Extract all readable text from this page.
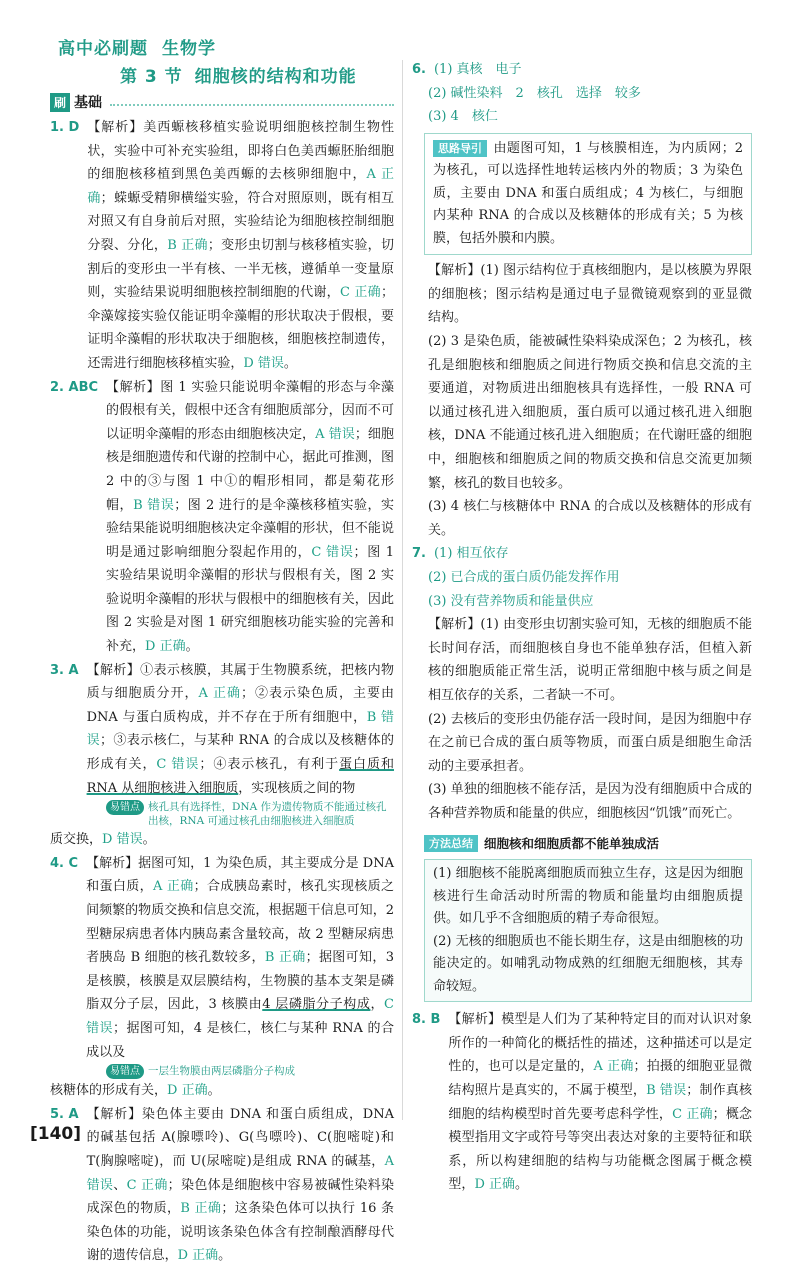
高中必刷题 生物学
第 3 节 细胞核的结构和功能
刷 基础
1. D 【解析】美西螈核移植实验说明细胞核控制生物性状，实验中可补充实验组，即将白色美西螈胚胎细胞的细胞核移植到黑色美西螈的去核卵细胞中，A 正确；蝾螈受精卵横缢实验，符合对照原则，既有相互对照又有自身前后对照，实验结论为细胞核控制细胞分裂、分化，B 正确；变形虫切割与核移植实验，切割后的变形虫一半有核、一半无核，遵循单一变量原则，实验结果说明细胞核控制细胞的代谢，C 正确；伞藻嫁接实验仅能证明伞藻帽的形状取决于假根，要证明伞藻帽的形状取决于细胞核，细胞核控制遗传，还需进行细胞核移植实验，D 错误。
2. ABC 【解析】图 1 实验只能说明伞藻帽的形态与伞藻的假根有关，假根中还含有细胞质部分，因而不可以证明伞藻帽的形态由细胞核决定，A 错误；细胞核是细胞遗传和代谢的控制中心，据此可推测，图 2 中的③与图 1 中①的帽形相同，都是菊花形帽，B 错误；图 2 进行的是伞藻核移植实验，实验结果能说明细胞核决定伞藻帽的形状，但不能说明是通过影响细胞分裂起作用的，C 错误；图 1 实验结果说明伞藻帽的形状与假根有关，图 2 实验说明伞藻帽的形状与假根中的细胞核有关，因此图 2 实验是对图 1 研究细胞核功能实验的完善和补充，D 正确。
3. A 【解析】①表示核膜，其属于生物膜系统，把核内物质与细胞质分开，A 正确；②表示染色质，主要由 DNA 与蛋白质构成，并不存在于所有细胞中，B 错误；③表示核仁，与某种 RNA 的合成以及核糖体的形成有关，C 错误；④表示核孔，有利于蛋白质和 RNA 从细胞核进入细胞质，实现核质之间的物
易错点 核孔具有选择性，DNA 作为遗传物质不能通过核孔出核，RNA 可通过核孔由细胞核进入细胞质
质交换，D 错误。
4. C 【解析】据图可知，1 为染色质，其主要成分是 DNA 和蛋白质，A 正确；合成胰岛素时，核孔实现核质之间频繁的物质交换和信息交流，根据题干信息可知，2 型糖尿病患者体内胰岛素含量较高，故 2 型糖尿病患者胰岛 B 细胞的核孔数较多，B 正确；据图可知，3 是核膜，核膜是双层膜结构，生物膜的基本支架是磷脂双分子层，因此，3 核膜由4 层磷脂分子构成，C 错误；据图可知，4 是核仁，核仁与某种 RNA 的合成以及
易错点 一层生物膜由两层磷脂分子构成
核糖体的形成有关，D 正确。
5. A 【解析】染色体主要由 DNA 和蛋白质组成，DNA 的碱基包括 A(腺嘌呤)、G(鸟嘌呤)、C(胞嘧啶)和 T(胸腺嘧啶)，而 U(尿嘧啶)是组成 RNA 的碱基，A 错误、C 正确；染色体是细胞核中容易被碱性染料染成深色的物质，B 正确；这条染色体可以执行 16 条染色体的功能，说明该条染色体含有控制酿酒酵母代谢的遗传信息，D 正确。
6. (1) 真核　电子
(2) 碱性染料　2　核孔　选择　较多
(3) 4　核仁
思路导引 由题图可知，1 与核膜相连，为内质网；2 为核孔，可以选择性地转运核内外的物质；3 为染色质，主要由 DNA 和蛋白质组成；4 为核仁，与细胞内某种 RNA 的合成以及核糖体的形成有关；5 为核膜，包括外膜和内膜。
【解析】(1) 图示结构位于真核细胞内，是以核膜为界限的细胞核；图示结构是通过电子显微镜观察到的亚显微结构。
(2) 3 是染色质，能被碱性染料染成深色；2 为核孔，核孔是细胞核和细胞质之间进行物质交换和信息交流的主要通道，对物质进出细胞核具有选择性，一般 RNA 可以通过核孔进入细胞质，蛋白质可以通过核孔进入细胞核，DNA 不能通过核孔进入细胞质；在代谢旺盛的细胞中，细胞核和细胞质之间的物质交换和信息交流更加频繁，核孔的数目也较多。
(3) 4 核仁与核糖体中 RNA 的合成以及核糖体的形成有关。
7. (1) 相互依存
(2) 已合成的蛋白质仍能发挥作用
(3) 没有营养物质和能量供应
【解析】(1) 由变形虫切割实验可知，无核的细胞质不能长时间存活，而细胞核自身也不能单独存活，但植入新核的细胞质能正常生活，说明正常细胞中核与质之间是相互依存的关系，二者缺一不可。
(2) 去核后的变形虫仍能存活一段时间，是因为细胞中存在之前已合成的蛋白质等物质，而蛋白质是细胞生命活动的主要承担者。
(3) 单独的细胞核不能存活，是因为没有细胞质中合成的各种营养物质和能量的供应，细胞核因“饥饿”而死亡。
方法总结 细胞核和细胞质都不能单独成活
(1) 细胞核不能脱离细胞质而独立生存，这是因为细胞核进行生命活动时所需的物质和能量均由细胞质提供。如几乎不含细胞质的精子寿命很短。
(2) 无核的细胞质也不能长期生存，这是由细胞核的功能决定的。如哺乳动物成熟的红细胞无细胞核，其寿命较短。
8. B 【解析】模型是人们为了某种特定目的而对认识对象所作的一种简化的概括性的描述，这种描述可以是定性的，也可以是定量的，A 正确；拍摄的细胞亚显微结构照片是真实的，不属于模型，B 错误；制作真核细胞的结构模型时首先要考虑科学性，C 正确；概念模型指用文字或符号等突出表达对象的主要特征和联系，所以构建细胞的结构与功能概念图属于概念模型，D 正确。
[140]
